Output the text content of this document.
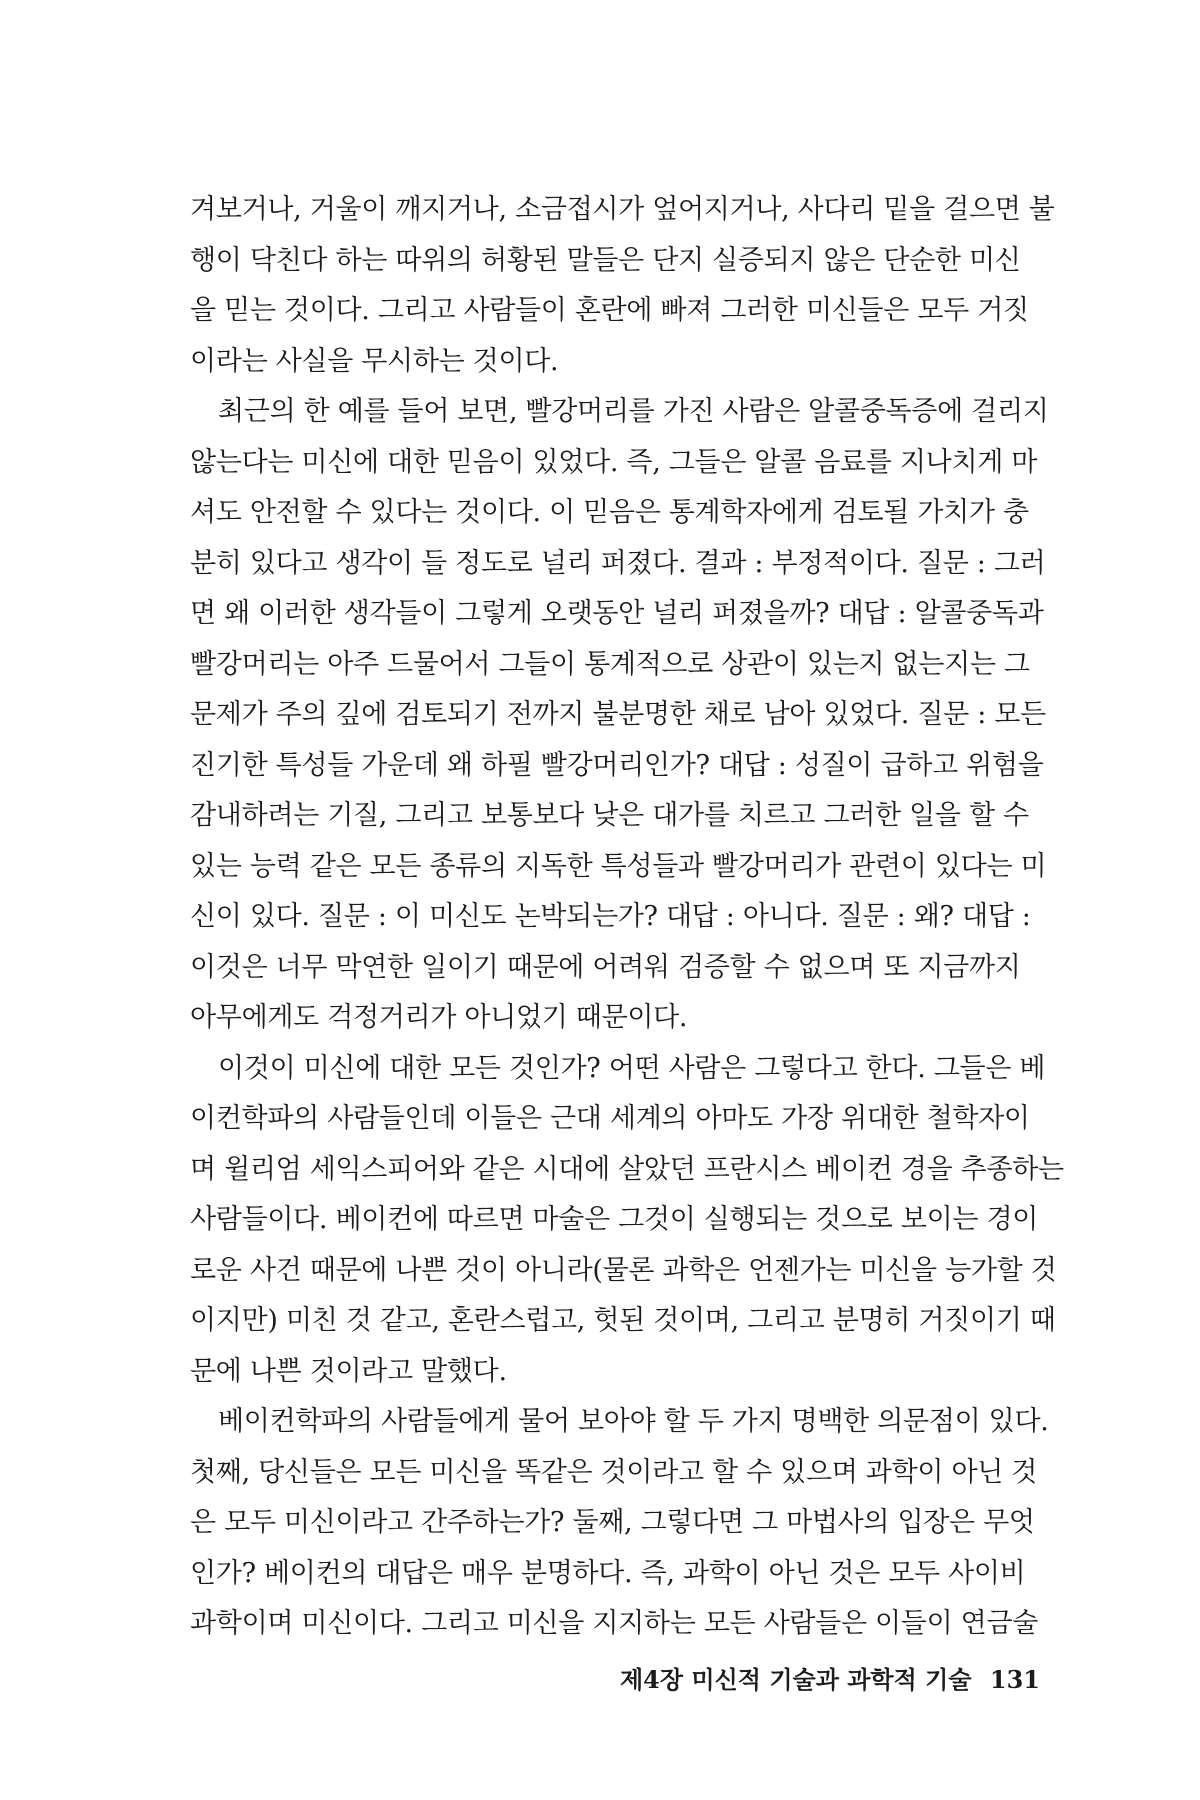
겨보거나, 거울이 깨지거나, 소금접시가 엎어지거나, 사다리 밑을 걸으면 불
행이 닥친다 하는 따위의 허황된 말들은 단지 실증되지 않은 단순한 미신
을 믿는 것이다. 그리고 사람들이 혼란에 빠져 그러한 미신들은 모두 거짓
이라는 사실을 무시하는 것이다.
최근의 한 예를 들어 보면, 빨강머리를 가진 사람은 알콜중독증에 걸리지
않는다는 미신에 대한 믿음이 있었다. 즉, 그들은 알콜 음료를 지나치게 마
셔도 안전할 수 있다는 것이다. 이 믿음은 통계학자에게 검토될 가치가 충
분히 있다고 생각이 들 정도로 널리 퍼졌다. 결과 : 부정적이다. 질문 : 그러
면 왜 이러한 생각들이 그렇게 오랫동안 널리 퍼졌을까? 대답 : 알콜중독과
빨강머리는 아주 드물어서 그들이 통계적으로 상관이 있는지 없는지는 그
문제가 주의 깊에 검토되기 전까지 불분명한 채로 남아 있었다. 질문 : 모든
진기한 특성들 가운데 왜 하필 빨강머리인가? 대답 : 성질이 급하고 위험을
감내하려는 기질, 그리고 보통보다 낮은 대가를 치르고 그러한 일을 할 수
있는 능력 같은 모든 종류의 지독한 특성들과 빨강머리가 관련이 있다는 미
신이 있다. 질문 : 이 미신도 논박되는가? 대답 : 아니다. 질문 : 왜? 대답 :
이것은 너무 막연한 일이기 때문에 어려워 검증할 수 없으며 또 지금까지
아무에게도 걱정거리가 아니었기 때문이다.
이것이 미신에 대한 모든 것인가? 어떤 사람은 그렇다고 한다. 그들은 베
이컨학파의 사람들인데 이들은 근대 세계의 아마도 가장 위대한 철학자이
며 윌리엄 세익스피어와 같은 시대에 살았던 프란시스 베이컨 경을 추종하는
사람들이다. 베이컨에 따르면 마술은 그것이 실행되는 것으로 보이는 경이
로운 사건 때문에 나쁜 것이 아니라(물론 과학은 언젠가는 미신을 능가할 것
이지만) 미친 것 같고, 혼란스럽고, 헛된 것이며, 그리고 분명히 거짓이기 때
문에 나쁜 것이라고 말했다.
베이컨학파의 사람들에게 물어 보아야 할 두 가지 명백한 의문점이 있다.
첫째, 당신들은 모든 미신을 똑같은 것이라고 할 수 있으며 과학이 아닌 것
은 모두 미신이라고 간주하는가? 둘째, 그렇다면 그 마법사의 입장은 무엇
인가? 베이컨의 대답은 매우 분명하다. 즉, 과학이 아닌 것은 모두 사이비
과학이며 미신이다. 그리고 미신을 지지하는 모든 사람들은 이들이 연금술
제4장 미신적 기술과 과학적 기술 131
